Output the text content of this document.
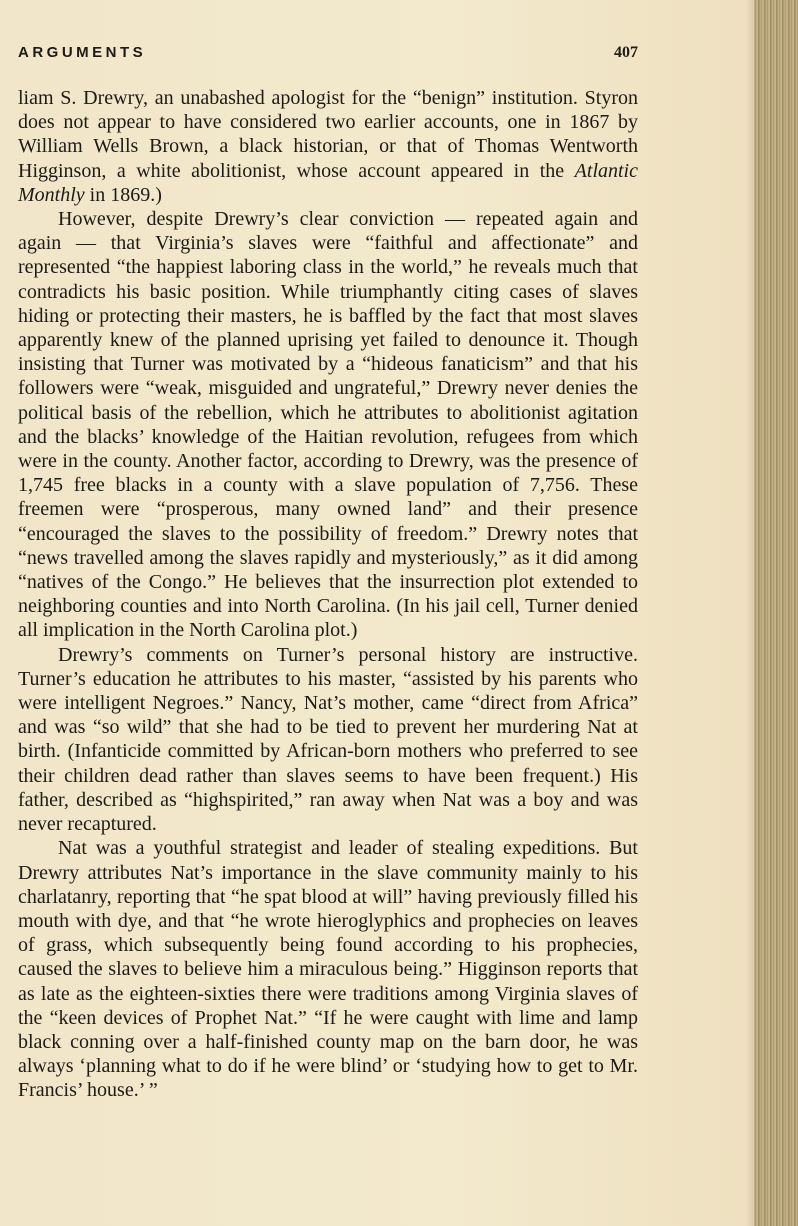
ARGUMENTS	407

liam S. Drewry, an unabashed apologist for the “benign” institution. Styron does not appear to have considered two earlier accounts, one in 1867 by William Wells Brown, a black historian, or that of Thomas Wentworth Higginson, a white abolitionist, whose account appeared in the Atlantic Monthly in 1869.)

However, despite Drewry’s clear conviction — repeated again and again — that Virginia’s slaves were “faithful and affectionate” and represented “the happiest laboring class in the world,” he reveals much that contradicts his basic position. While triumphantly citing cases of slaves hiding or protecting their masters, he is baffled by the fact that most slaves apparently knew of the planned uprising yet failed to denounce it. Though insisting that Turner was motivated by a “hideous fanaticism” and that his followers were “weak, misguided and ungrateful,” Drewry never denies the political basis of the rebellion, which he attributes to abolitionist agitation and the blacks’ knowledge of the Haitian revolution, refugees from which were in the county. Another factor, according to Drewry, was the presence of 1,745 free blacks in a county with a slave population of 7,756. These freemen were “prosperous, many owned land” and their presence “encouraged the slaves to the possibility of freedom.” Drewry notes that “news travelled among the slaves rapidly and mysteriously,” as it did among “natives of the Congo.” He believes that the insurrection plot extended to neighboring counties and into North Carolina. (In his jail cell, Turner denied all implication in the North Carolina plot.)

Drewry’s comments on Turner’s personal history are instructive. Turner’s education he attributes to his master, “assisted by his parents who were intelligent Negroes.” Nancy, Nat’s mother, came “direct from Africa” and was “so wild” that she had to be tied to prevent her murdering Nat at birth. (Infanticide committed by African-born mothers who preferred to see their children dead rather than slaves seems to have been frequent.) His father, described as “highspirited,” ran away when Nat was a boy and was never recaptured.

Nat was a youthful strategist and leader of stealing expeditions. But Drewry attributes Nat’s importance in the slave community mainly to his charlatanry, reporting that “he spat blood at will” having previously filled his mouth with dye, and that “he wrote hieroglyphics and prophecies on leaves of grass, which subsequently being found according to his prophecies, caused the slaves to believe him a miraculous being.” Higginson reports that as late as the eighteen-sixties there were traditions among Virginia slaves of the “keen devices of Prophet Nat.” “If he were caught with lime and lamp black conning over a half-finished county map on the barn door, he was always ‘planning what to do if he were blind’ or ‘studying how to get to Mr. Francis’ house.’ ”
